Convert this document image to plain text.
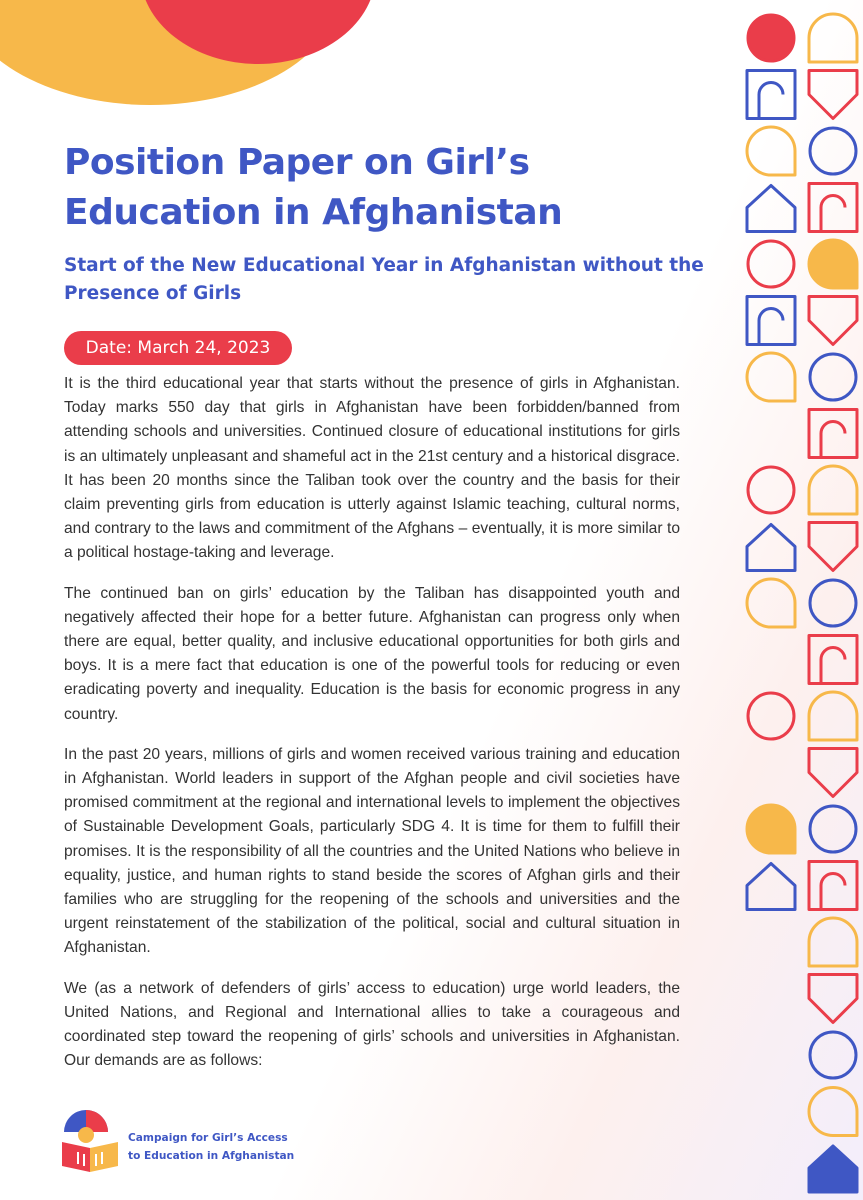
Position Paper on Girl’s Education in Afghanistan
Start of the New Educational Year in Afghanistan without the Presence of Girls
Date: March 24, 2023

It is the third educational year that starts without the presence of girls in Afghanistan. Today marks 550 day that girls in Afghanistan have been forbidden/banned from attending schools and universities. Continued closure of educational institutions for girls is an ultimately unpleasant and shameful act in the 21st century and a historical disgrace. It has been 20 months since the Taliban took over the country and the basis for their claim preventing girls from education is utterly against Islamic teaching, cultural norms, and contrary to the laws and commitment of the Afghans – eventually, it is more similar to a political hostage-taking and leverage.

The continued ban on girls’ education by the Taliban has disappointed youth and negatively affected their hope for a better future. Afghanistan can progress only when there are equal, better quality, and inclusive educational opportunities for both girls and boys. It is a mere fact that education is one of the powerful tools for reducing or even eradicating poverty and inequality. Education is the basis for economic progress in any country.

In the past 20 years, millions of girls and women received various training and education in Afghanistan. World leaders in support of the Afghan people and civil societies have promised commitment at the regional and international levels to implement the objectives of Sustainable Development Goals, particularly SDG 4. It is time for them to fulfill their promises. It is the responsibility of all the countries and the United Nations who believe in equality, justice, and human rights to stand beside the scores of Afghan girls and their families who are struggling for the reopening of the schools and universities and the urgent reinstatement of the stabilization of the political, social and cultural situation in Afghanistan.

We (as a network of defenders of girls’ access to education) urge world leaders, the United Nations, and Regional and International allies to take a courageous and coordinated step toward the reopening of girls’ schools and universities in Afghanistan. Our demands are as follows:

Campaign for Girl’s Access
to Education in Afghanistan
